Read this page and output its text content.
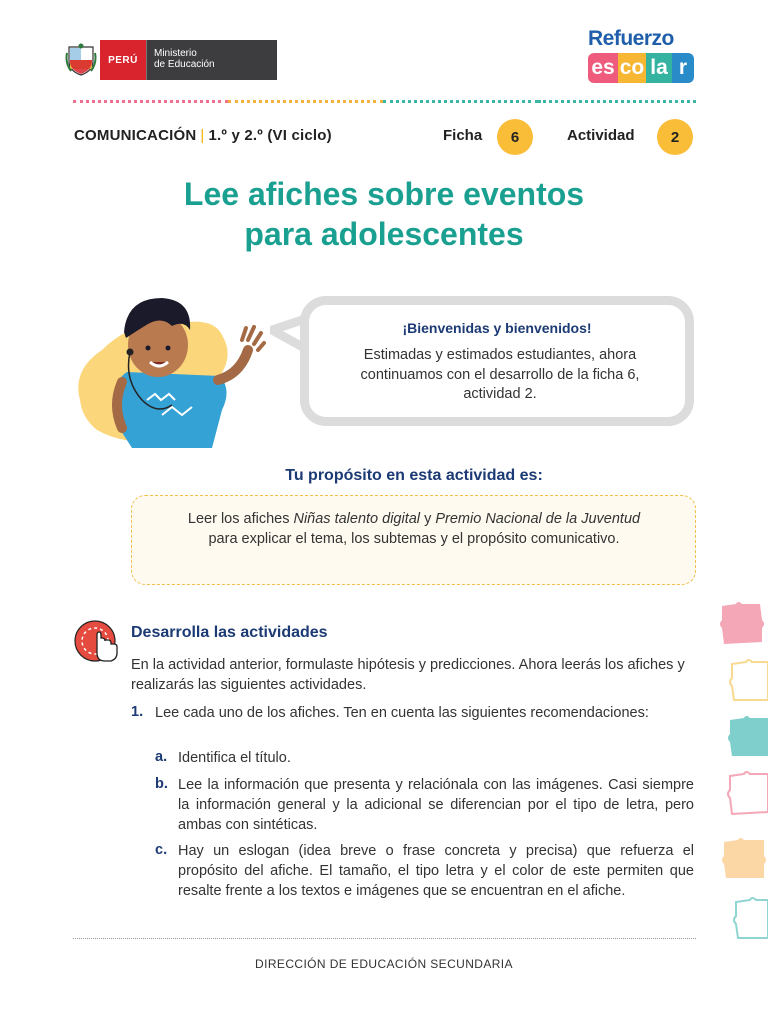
PERÚ
Ministerio
de Educación
Refuerzo
es co la r
COMUNICACIÓN | 1.º y 2.º (VI ciclo)	Ficha	6	Actividad	2
Lee afiches sobre eventos
para adolescentes
¡Bienvenidas y bienvenidos!
Estimadas y estimados estudiantes, ahora
continuamos con el desarrollo de la ficha 6,
actividad 2.
Tu propósito en esta actividad es:
Leer los afiches Niñas talento digital y Premio Nacional de la Juventud para explicar el tema, los subtemas y el propósito comunicativo.
Desarrolla las actividades
En la actividad anterior, formulaste hipótesis y predicciones. Ahora leerás los afiches y realizarás las siguientes actividades.
1. Lee cada uno de los afiches. Ten en cuenta las siguientes recomendaciones:
a. Identifica el título.
b. Lee la información que presenta y relaciónala con las imágenes. Casi siempre la información general y la adicional se diferencian por el tipo de letra, pero ambas con sintéticas.
c. Hay un eslogan (idea breve o frase concreta y precisa) que refuerza el propósito del afiche. El tamaño, el tipo letra y el color de este permiten que resalte frente a los textos e imágenes que se encuentran en el afiche.
DIRECCIÓN DE EDUCACIÓN SECUNDARIA
